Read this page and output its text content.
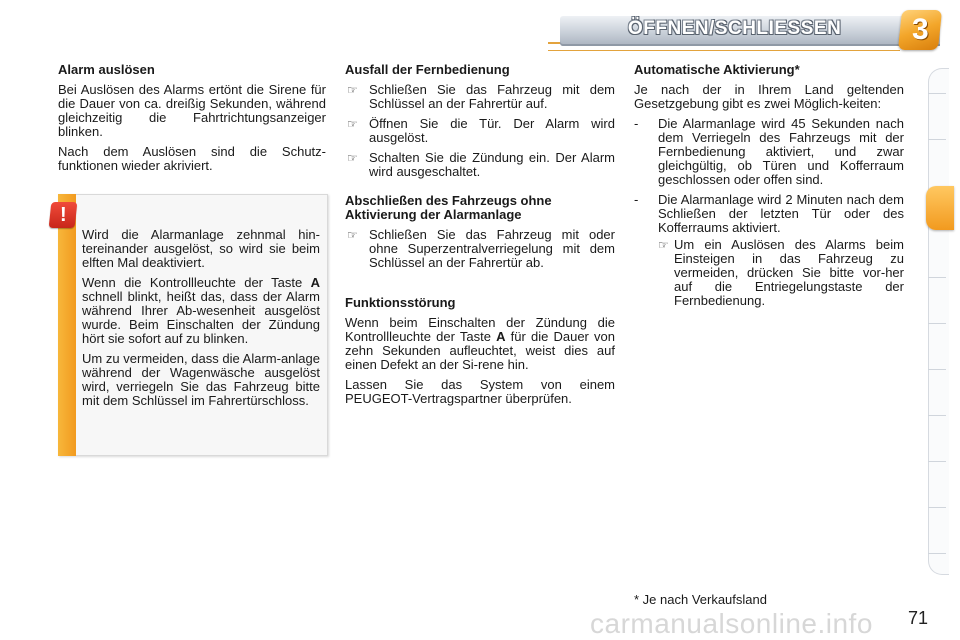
ÖFFNEN/SCHLIESSEN 3
Alarm auslösen

Bei Auslösen des Alarms ertönt die Sirene für die Dauer von ca. dreißig Sekunden, während gleichzeitig die Fahrtrichtungsanzeiger blinken.

Nach dem Auslösen sind die Schutz-funktionen wieder akriviert.

!

Wird die Alarmanlage zehnmal hin-tereinander ausgelöst, so wird sie beim elften Mal deaktiviert.

Wenn die Kontrollleuchte der Taste A schnell blinkt, heißt das, dass der Alarm während Ihrer Ab-wesenheit ausgelöst wurde. Beim Einschalten der Zündung hört sie sofort auf zu blinken.

Um zu vermeiden, dass die Alarm-anlage während der Wagenwäsche ausgelöst wird, verriegeln Sie das Fahrzeug bitte mit dem Schlüssel im Fahrertürschloss.

Ausfall der Fernbedienung
☞ Schließen Sie das Fahrzeug mit dem Schlüssel an der Fahrertür auf.
☞ Öffnen Sie die Tür. Der Alarm wird ausgelöst.
☞ Schalten Sie die Zündung ein. Der Alarm wird ausgeschaltet.
Abschließen des Fahrzeugs ohne Aktivierung der Alarmanlage
☞ Schließen Sie das Fahrzeug mit oder ohne Superzentralverriegelung mit dem Schlüssel an der Fahrertür ab.
Funktionsstörung

Wenn beim Einschalten der Zündung die Kontrollleuchte der Taste A für die Dauer von zehn Sekunden aufleuchtet, weist dies auf einen Defekt an der Si-rene hin.

Lassen Sie das System von einem PEUGEOT-Vertragspartner überprüfen.

Automatische Aktivierung*

Je nach der in Ihrem Land geltenden Gesetzgebung gibt es zwei Möglich-keiten:

- Die Alarmanlage wird 45 Sekunden nach dem Verriegeln des Fahrzeugs mit der Fernbedienung aktiviert, und zwar gleichgültig, ob Türen und Kofferraum geschlossen oder offen sind.
- Die Alarmanlage wird 2 Minuten nach dem Schließen der letzten Tür oder des Kofferraums aktiviert.
☞ Um ein Auslösen des Alarms beim Einsteigen in das Fahrzeug zu vermeiden, drücken Sie bitte vor-her auf die Entriegelungstaste der Fernbedienung.
* Je nach Verkaufsland
carmanualsonline.info 71
